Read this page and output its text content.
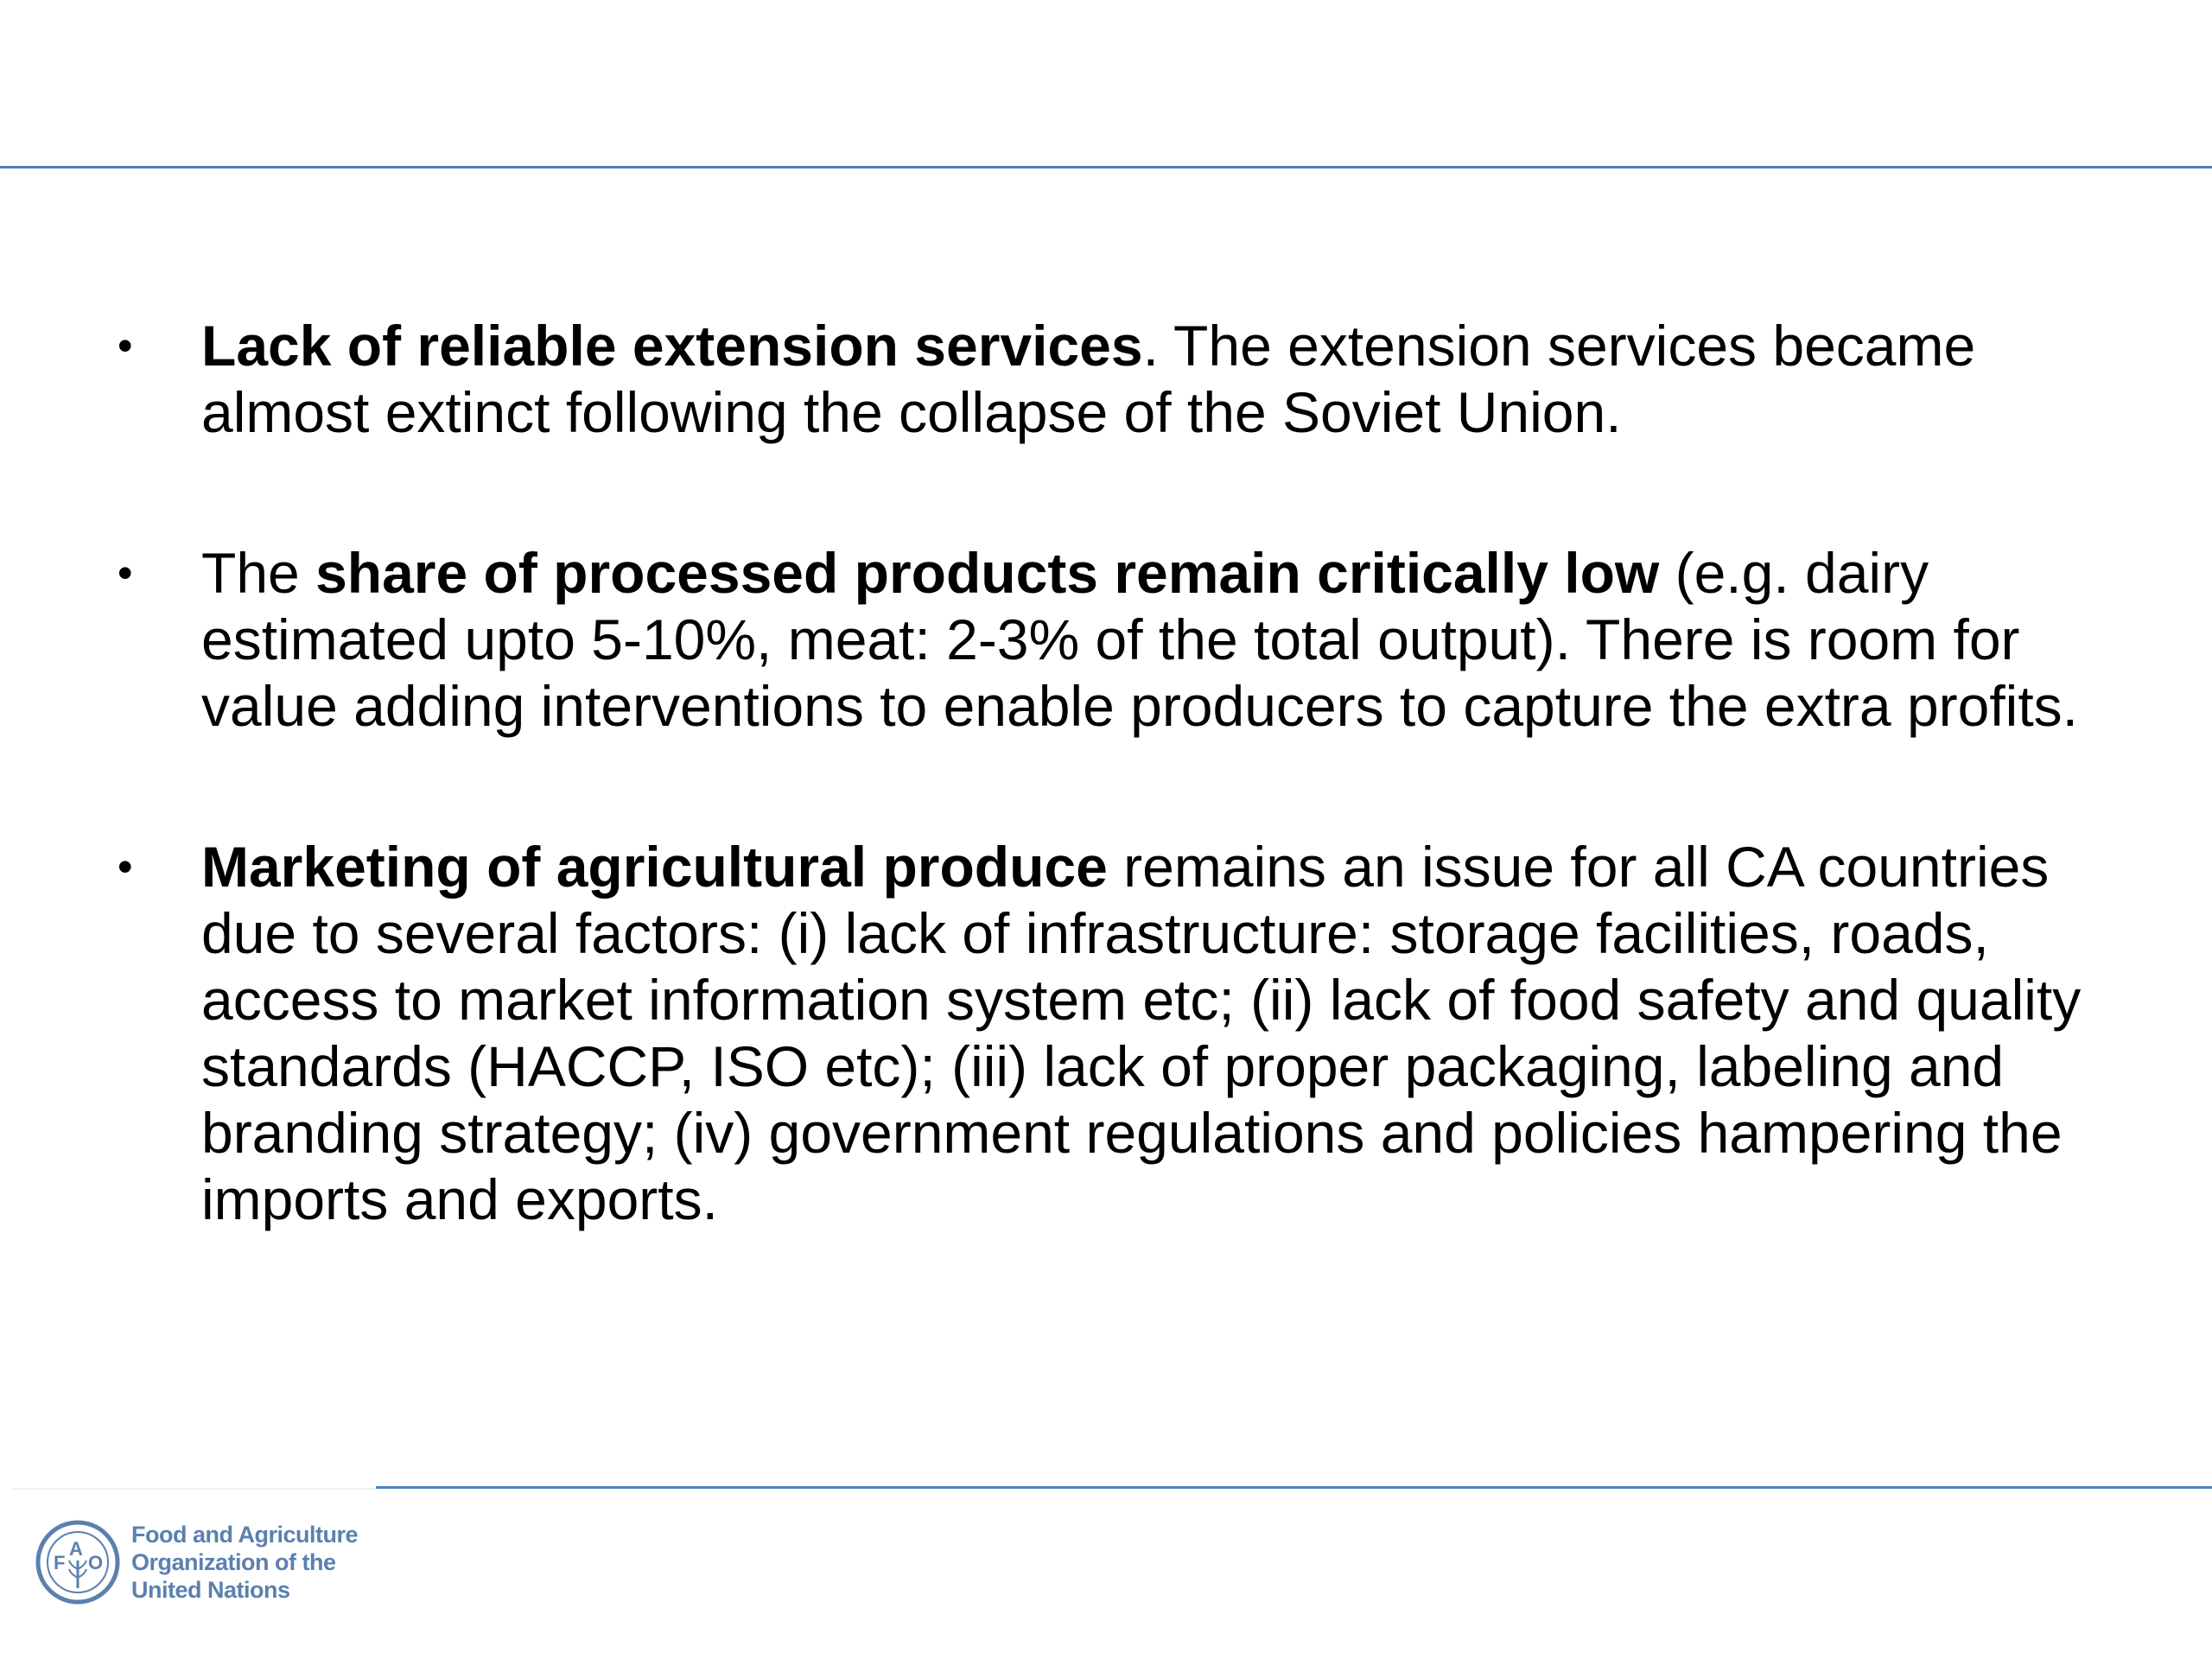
• Lack of reliable extension services. The extension services became almost extinct following the collapse of the Soviet Union.
• The share of processed products remain critically low (e.g. dairy estimated upto 5-10%, meat: 2-3% of the total output). There is room for value adding interventions to enable producers to capture the extra profits.
• Marketing of agricultural produce remains an issue for all CA countries due to several factors: (i) lack of infrastructure: storage facilities, roads, access to market information system etc; (ii) lack of food safety and quality standards (HACCP, ISO etc); (iii) lack of proper packaging, labeling and branding strategy; (iv) government regulations and policies hampering the imports and exports.
F
A
O
Food and Agriculture
Organization of the
United Nations
